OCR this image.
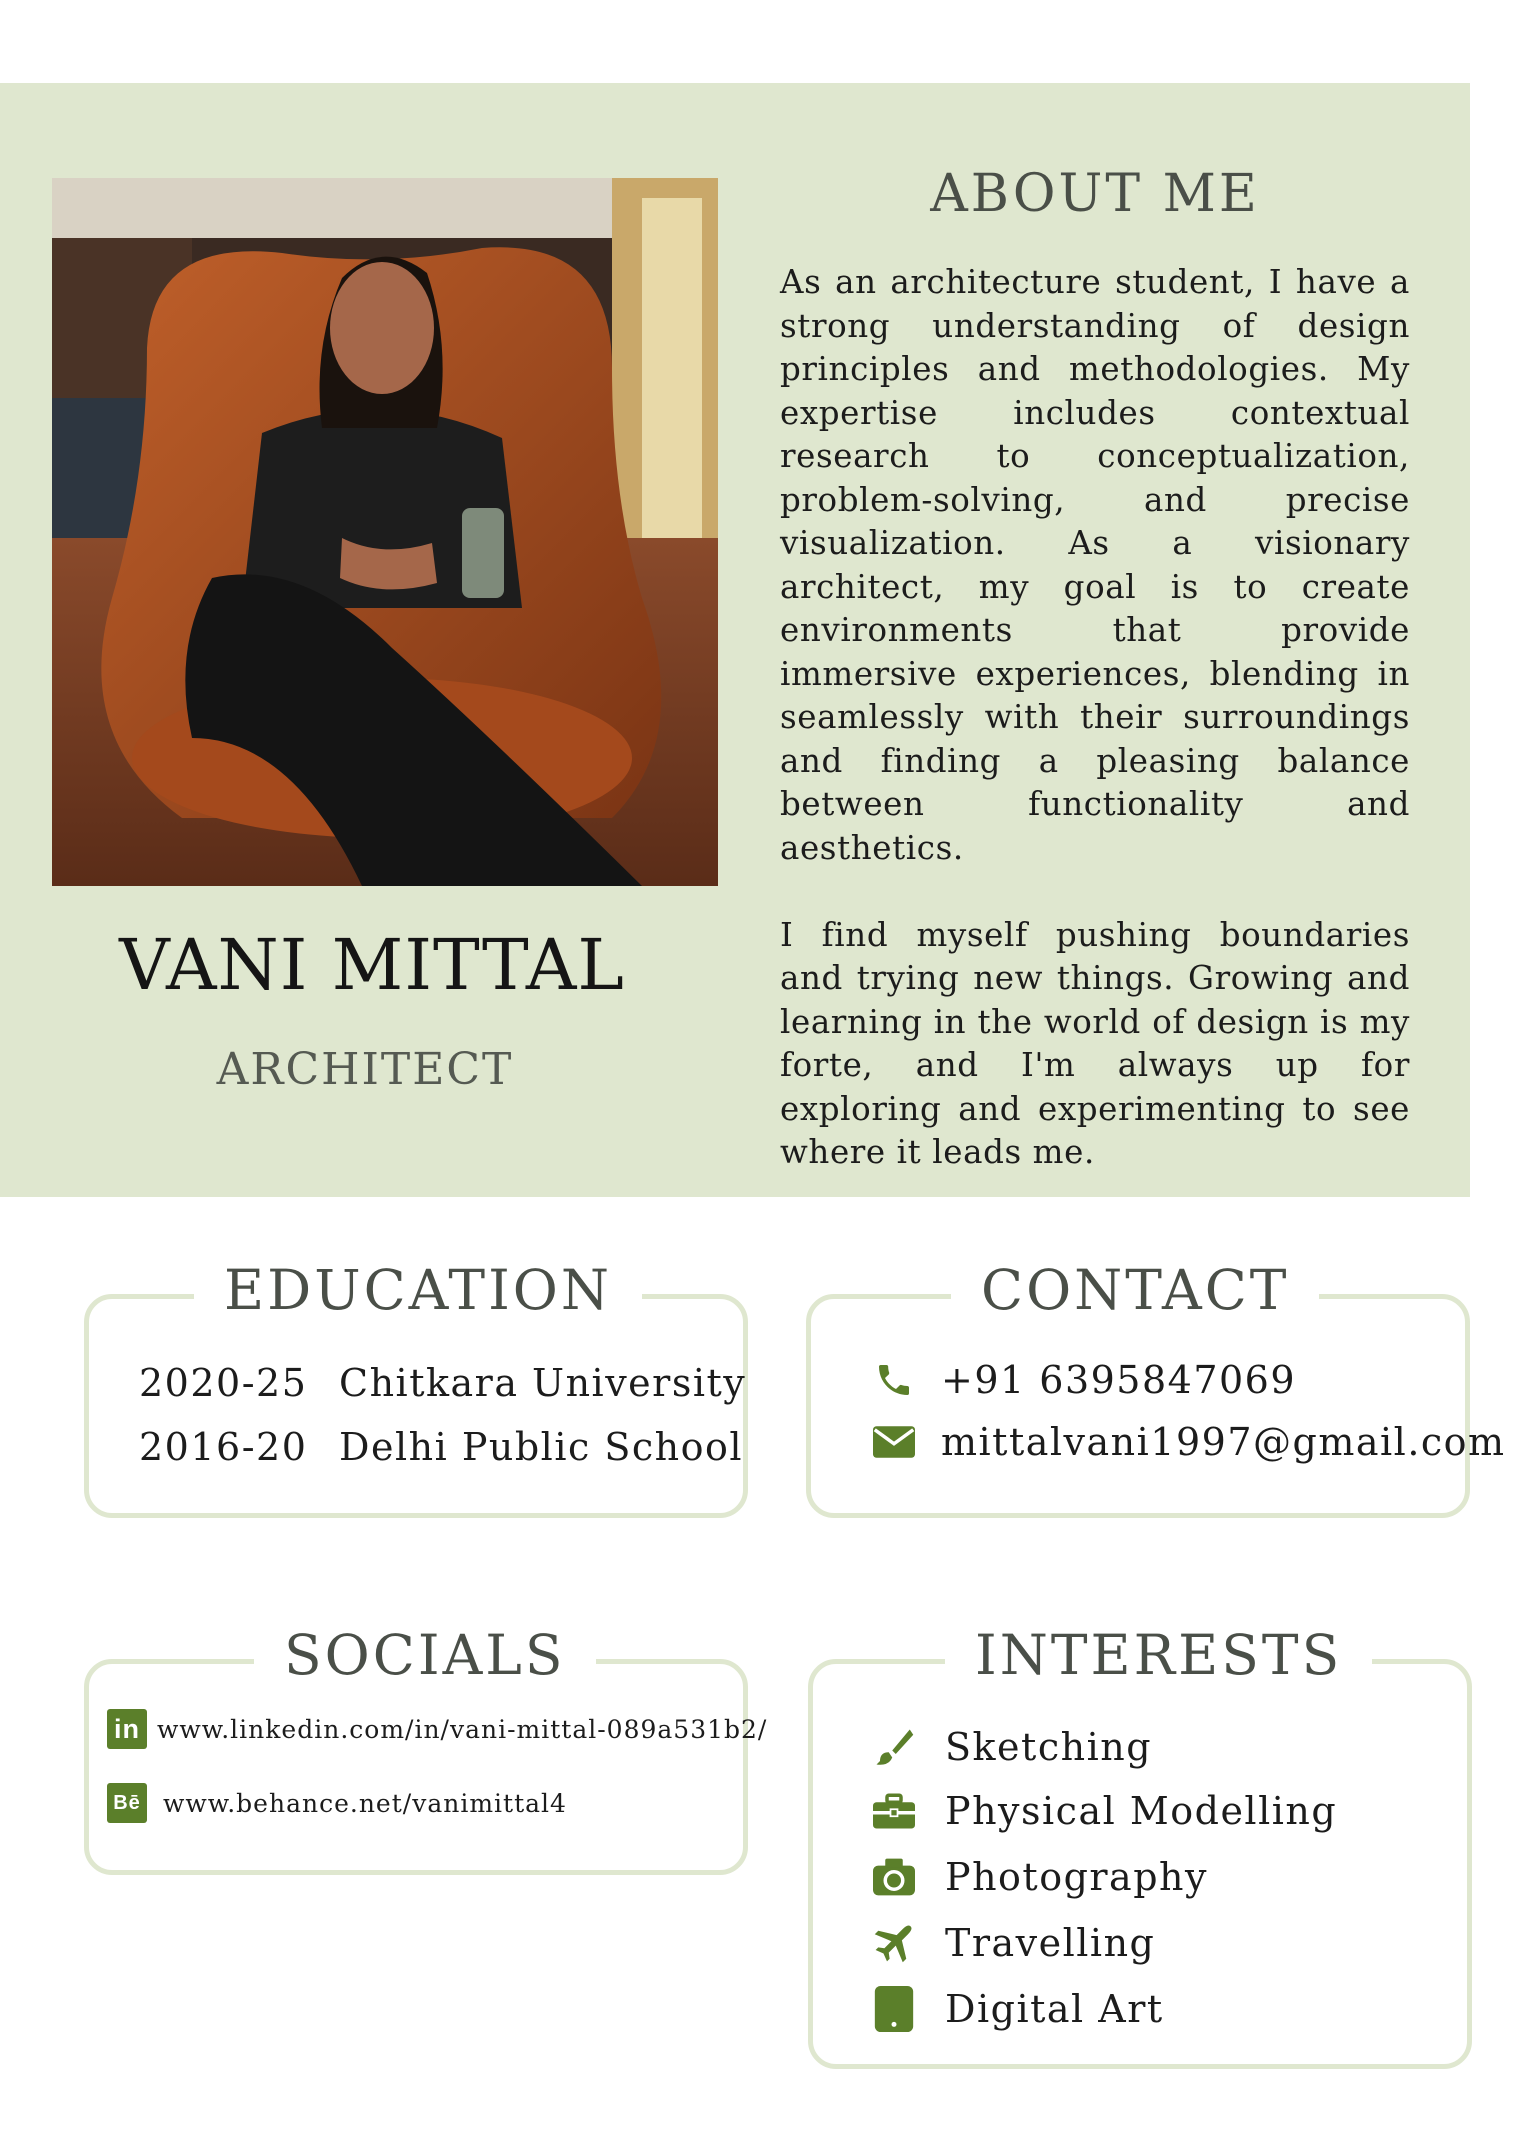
VANI MITTAL
ARCHITECT
ABOUT ME

As an architecture student, I have a strong understanding of design principles and methodologies. My expertise includes contextual research to conceptualization, problem-solving, and precise visualization. As a visionary architect, my goal is to create environments that provide immersive experiences, blending in seamlessly with their surroundings and finding a pleasing balance between functionality and aesthetics.

I find myself pushing boundaries and trying new things. Growing and learning in the world of design is my forte, and I'm always up for exploring and experimenting to see where it leads me.

EDUCATION
2020-25 Chitkara University
2016-20 Delhi Public School
CONTACT
+91 6395847069
mittalvani1997@gmail.com
SOCIALS
in www.linkedin.com/in/vani-mittal-089a531b2/
Bē www.behance.net/vanimittal4
INTERESTS
Sketching
Physical Modelling
Photography
Travelling
Digital Art
